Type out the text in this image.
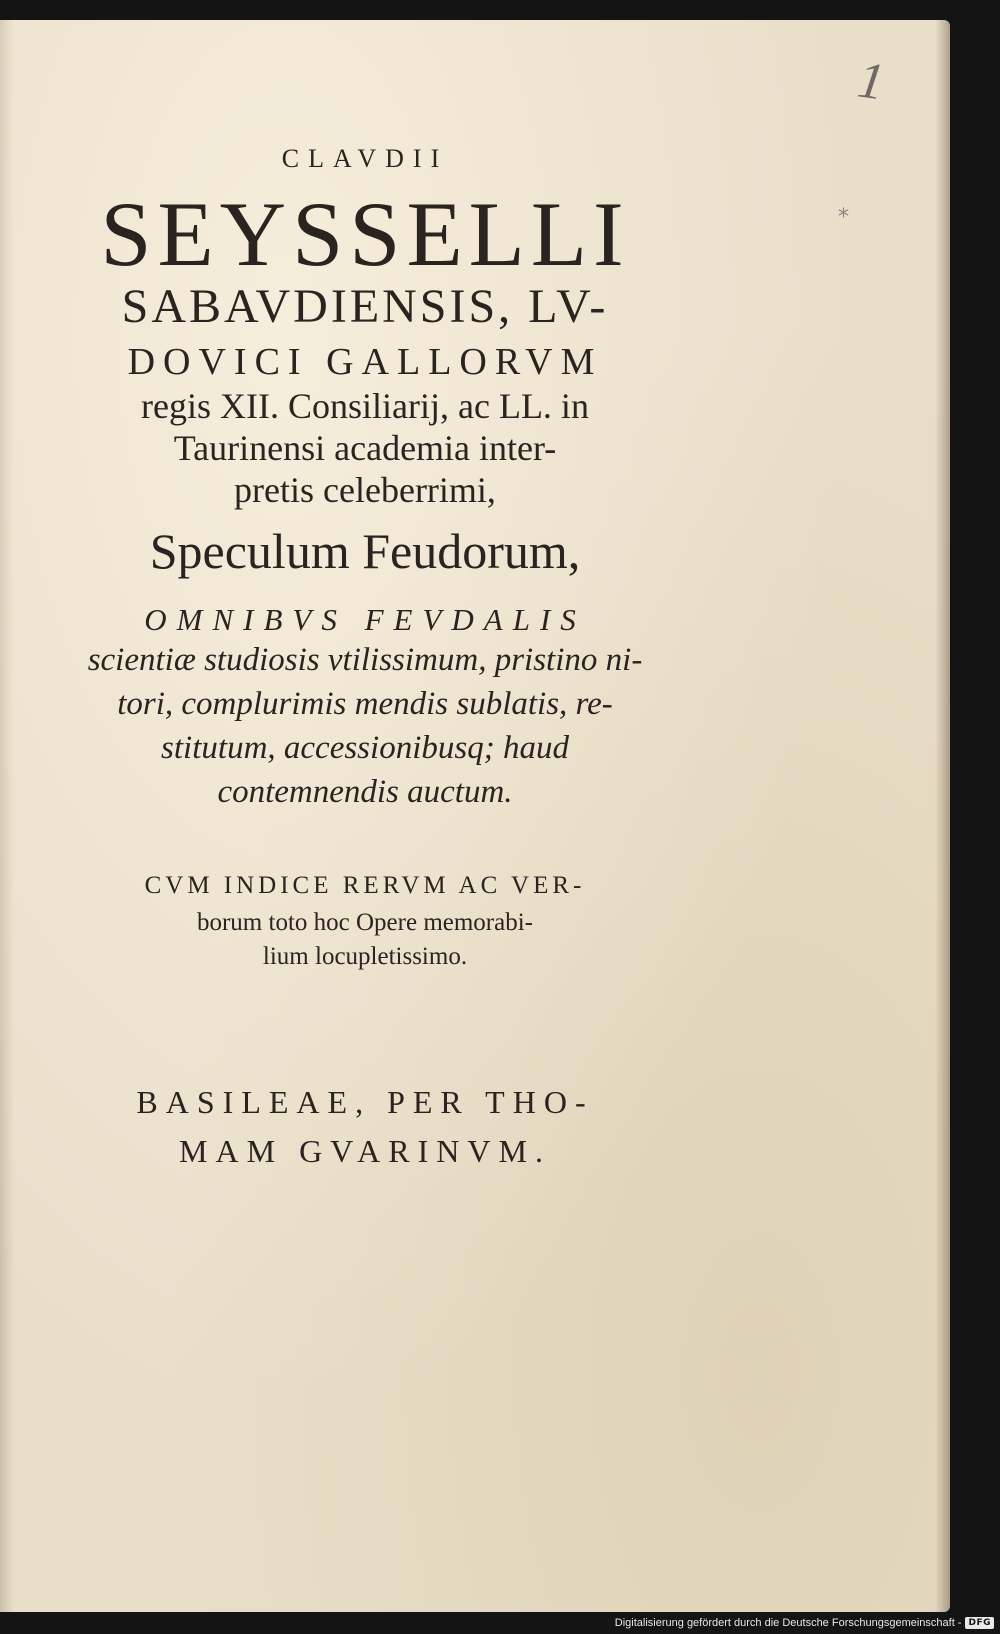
1
*
CLAVDII
SEYSSELLI
SABAVDIENSIS, LV-
DOVICI GALLORVM
regis XII. Consiliarij, ac LL. in
Taurinensi academia inter-
pretis celeberrimi,
Speculum Feudorum,
OMNIBVS FEVDALIS
scientiæ studiosis vtilissimum, pristino ni-
tori, complurimis mendis sublatis, re-
stitutum, accessionibusq; haud
contemnendis auctum.
CVM INDICE RERVM AC VER-
borum toto hoc Opere memorabi-
lium locupletissimo.
BASILEAE, PER THO-
MAM GVARINVM.
Digitalisierung gefördert durch die Deutsche Forschungsgemeinschaft - DFG
